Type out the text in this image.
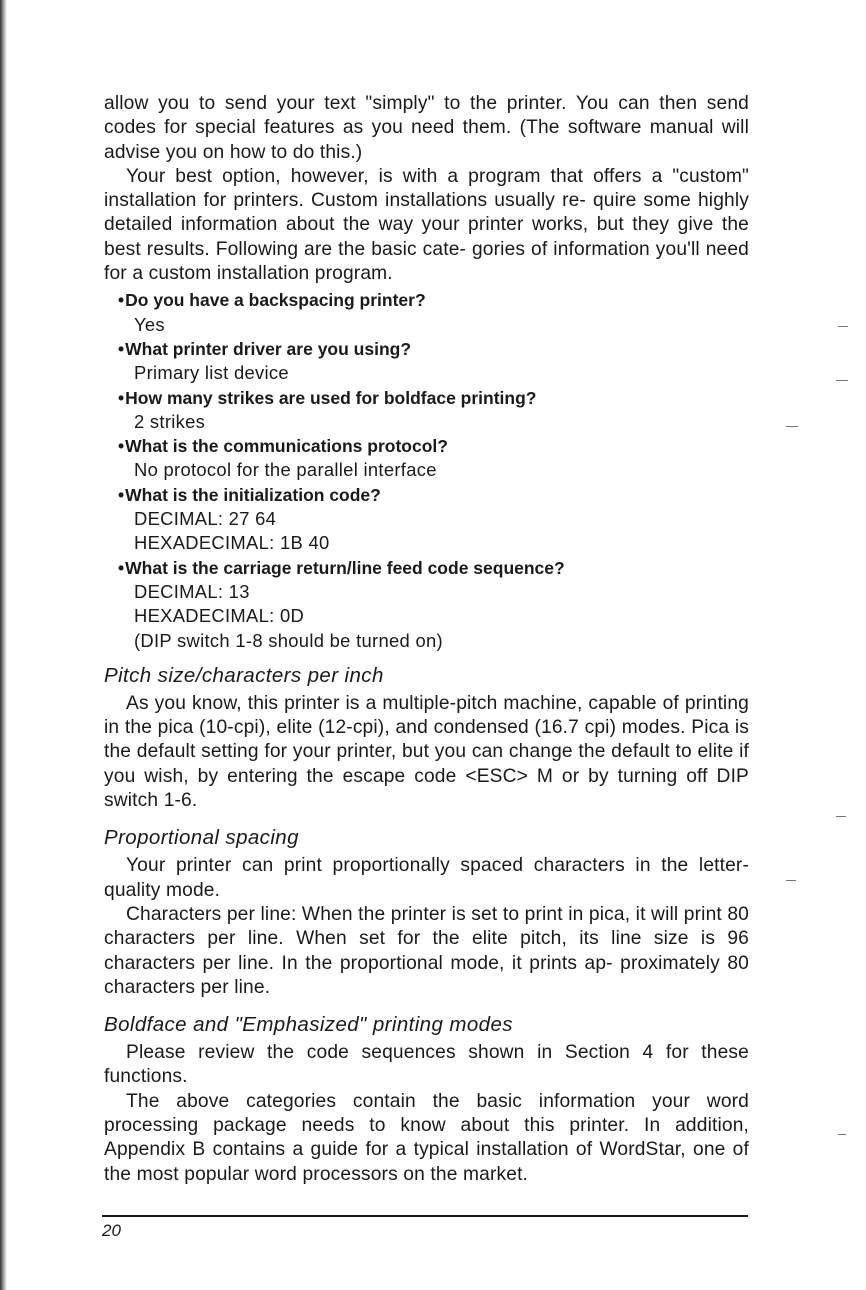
allow you to send your text "simply" to the printer. You can then send codes for special features as you need them. (The software manual will advise you on how to do this.)

Your best option, however, is with a program that offers a "custom" installation for printers. Custom installations usually re- quire some highly detailed information about the way your printer works, but they give the best results. Following are the basic cate- gories of information you'll need for a custom installation program.

•Do you have a backspacing printer?
Yes
•What printer driver are you using?
Primary list device
•How many strikes are used for boldface printing?
2 strikes
•What is the communications protocol?
No protocol for the parallel interface
•What is the initialization code?
DECIMAL: 27 64
HEXADECIMAL: 1B 40
•What is the carriage return/line feed code sequence?
DECIMAL: 13
HEXADECIMAL: 0D
(DIP switch 1-8 should be turned on)
Pitch size/characters per inch

As you know, this printer is a multiple-pitch machine, capable of printing in the pica (10-cpi), elite (12-cpi), and condensed (16.7 cpi) modes. Pica is the default setting for your printer, but you can change the default to elite if you wish, by entering the escape code <ESC> M or by turning off DIP switch 1-6.

Proportional spacing

Your printer can print proportionally spaced characters in the letter-quality mode.

Characters per line: When the printer is set to print in pica, it will print 80 characters per line. When set for the elite pitch, its line size is 96 characters per line. In the proportional mode, it prints ap- proximately 80 characters per line.

Boldface and "Emphasized" printing modes

Please review the code sequences shown in Section 4 for these functions.

The above categories contain the basic information your word processing package needs to know about this printer. In addition, Appendix B contains a guide for a typical installation of WordStar, one of the most popular word processors on the market.

20
